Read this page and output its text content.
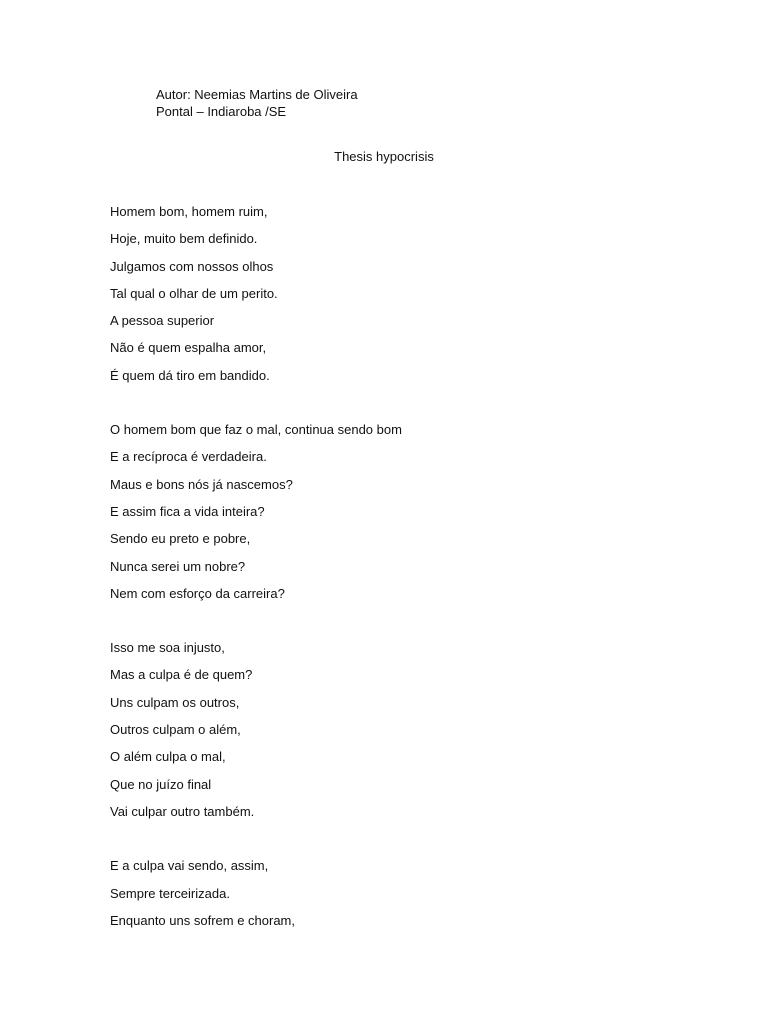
Autor: Neemias Martins de Oliveira
Pontal – Indiaroba /SE
Thesis hypocrisis
Homem bom, homem ruim,
Hoje, muito bem definido.
Julgamos com nossos olhos
Tal qual o olhar de um perito.
A pessoa superior
Não é quem espalha amor,
É quem dá tiro em bandido.
O homem bom que faz o mal, continua sendo bom
E a recíproca é verdadeira.
Maus e bons nós já nascemos?
E assim fica a vida inteira?
Sendo eu preto e pobre,
Nunca serei um nobre?
Nem com esforço da carreira?
Isso me soa injusto,
Mas a culpa é de quem?
Uns culpam os outros,
Outros culpam o além,
O além culpa o mal,
Que no juízo final
Vai culpar outro também.
E a culpa vai sendo, assim,
Sempre terceirizada.
Enquanto uns sofrem e choram,
